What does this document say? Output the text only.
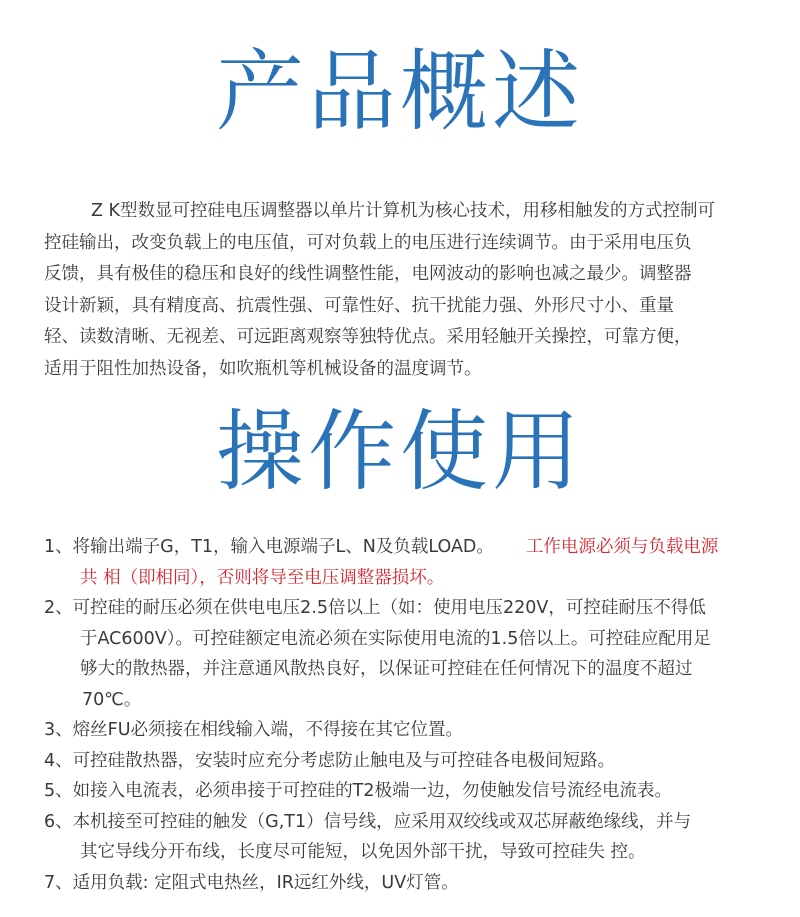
产品概述
Z K型数显可控硅电压调整器以单片计算机为核心技术，用移相触发的方式控制可
控硅输出，改变负载上的电压值，可对负载上的电压进行连续调节。由于采用电压负
反馈，具有极佳的稳压和良好的线性调整性能，电网波动的影响也减之最少。调整器
设计新颖，具有精度高、抗震性强、可靠性好、抗干扰能力强、外形尺寸小、重量
轻、读数清晰、无视差、可远距离观察等独特优点。采用轻触开关操控，可靠方便，
适用于阻性加热设备，如吹瓶机等机械设备的温度调节。
操作使用
1、将输出端子G，T1，输入电源端子L、N及负载LOAD。 工作电源必须与负载电源
共 相（即相同），否则将导至电压调整器损坏。
2、可控硅的耐压必须在供电电压2.5倍以上（如：使用电压220V，可控硅耐压不得低
于AC600V）。可控硅额定电流必须在实际使用电流的1.5倍以上。可控硅应配用足
够大的散热器，并注意通风散热良好，以保证可控硅在任何情况下的温度不超过
70℃。
3、熔丝FU必须接在相线输入端，不得接在其它位置。
4、可控硅散热器，安装时应充分考虑防止触电及与可控硅各电极间短路。
5、如接入电流表，必须串接于可控硅的T2极端一边，勿使触发信号流经电流表。
6、本机接至可控硅的触发（G,T1）信号线，应采用双绞线或双芯屏蔽绝缘线，并与
其它导线分开布线，长度尽可能短，以免因外部干扰，导致可控硅失 控。
7、适用负载: 定阻式电热丝，IR远红外线，UV灯管。
